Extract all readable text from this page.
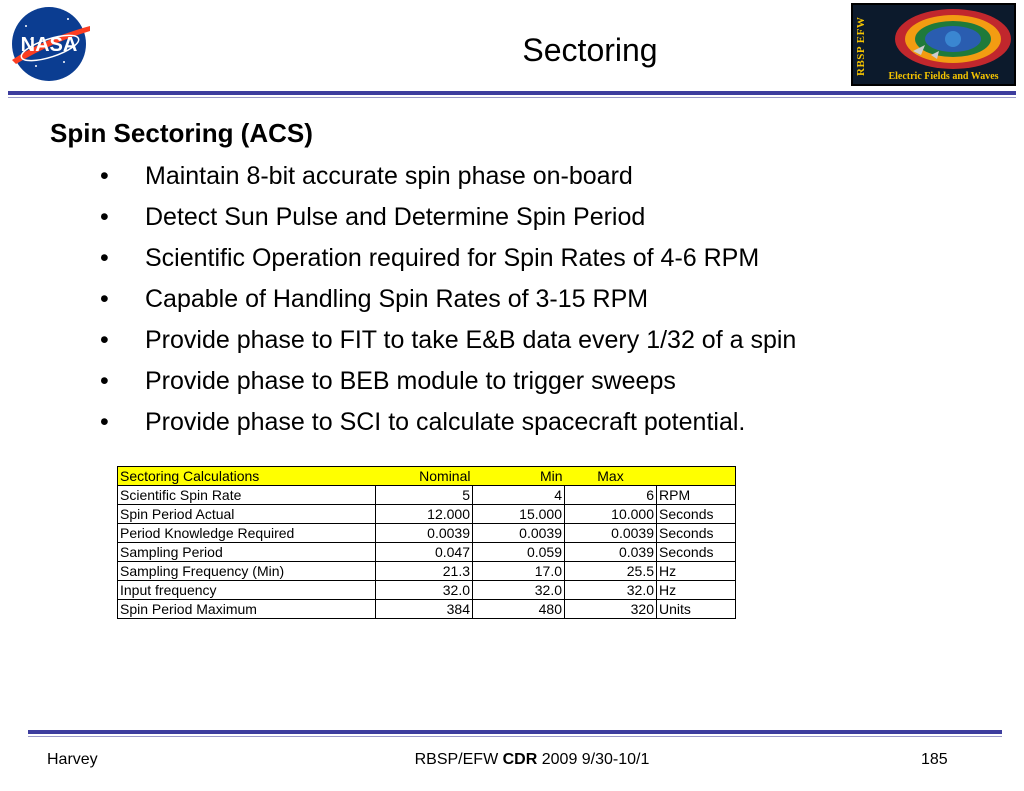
NASA	RBSP EFW
Electric Fields and Waves
Sectoring
Spin Sectoring (ACS)
• Maintain 8-bit accurate spin phase on-board
• Detect Sun Pulse and Determine Spin Period
• Scientific Operation required for Spin Rates of 4-6 RPM
• Capable of Handling Spin Rates of 3-15 RPM
• Provide phase to FIT to take E&B data every 1/32 of a spin
• Provide phase to BEB module to trigger sweeps
• Provide phase to SCI to calculate spacecraft potential.
Sectoring Calculations	Nominal	Min	Max	
Scientific Spin Rate	5	4	6	RPM
Spin Period Actual	12.000	15.000	10.000	Seconds
Period Knowledge Required	0.0039	0.0039	0.0039	Seconds
Sampling Period	0.047	0.059	0.039	Seconds
Sampling Frequency (Min)	21.3	17.0	25.5	Hz
Input frequency	32.0	32.0	32.0	Hz
Spin Period Maximum	384	480	320	Units
Harvey	RBSP/EFW CDR 2009 9/30-10/1	185
